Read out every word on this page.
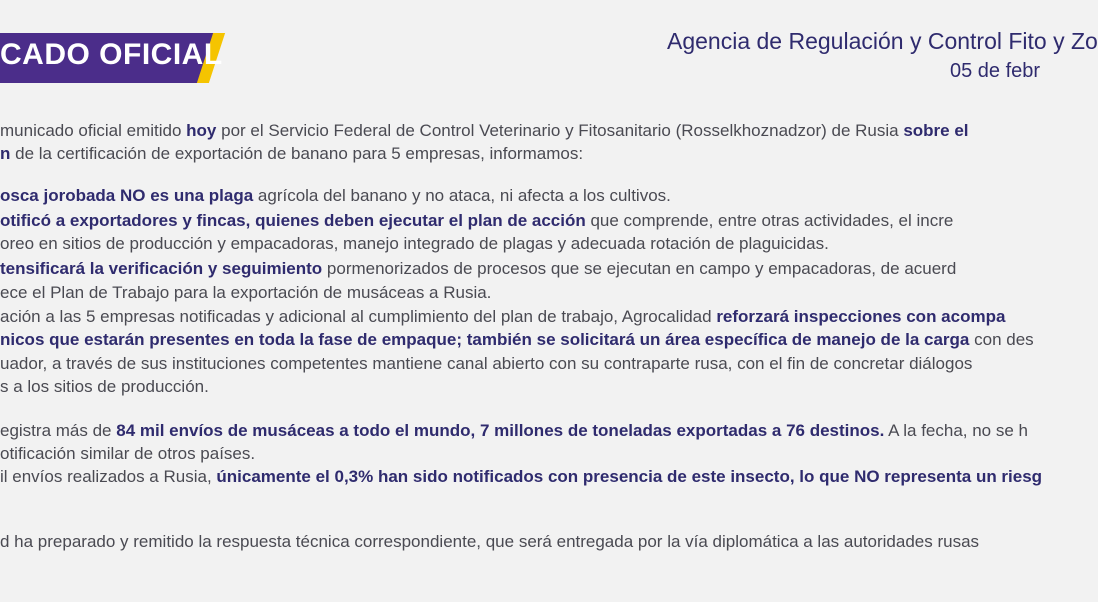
CADO OFICIAL	Agencia de Regulación y Control Fito y Zo
05 de febr
municado oficial emitido hoy por el Servicio Federal de Control Veterinario y Fitosanitario (Rosselkhoznadzor) de Rusia sobre el
n de la certificación de exportación de banano para 5 empresas, informamos:
osca jorobada NO es una plaga agrícola del banano y no ataca, ni afecta a los cultivos.
otificó a exportadores y fincas, quienes deben ejecutar el plan de acción que comprende, entre otras actividades, el incre
oreo en sitios de producción y empacadoras, manejo integrado de plagas y adecuada rotación de plaguicidas.
tensificará la verificación y seguimiento pormenorizados de procesos que se ejecutan en campo y empacadoras, de acuerd
ece el Plan de Trabajo para la exportación de musáceas a Rusia.
ación a las 5 empresas notificadas y adicional al cumplimiento del plan de trabajo, Agrocalidad reforzará inspecciones con acompa
nicos que estarán presentes en toda la fase de empaque; también se solicitará un área específica de manejo de la carga con des
uador, a través de sus instituciones competentes mantiene canal abierto con su contraparte rusa, con el fin de concretar diálogos
s a los sitios de producción.
egistra más de 84 mil envíos de musáceas a todo el mundo, 7 millones de toneladas exportadas a 76 destinos. A la fecha, no se h
otificación similar de otros países.
il envíos realizados a Rusia, únicamente el 0,3% han sido notificados con presencia de este insecto, lo que NO representa un riesg
d ha preparado y remitido la respuesta técnica correspondiente, que será entregada por la vía diplomática a las autoridades rusas
